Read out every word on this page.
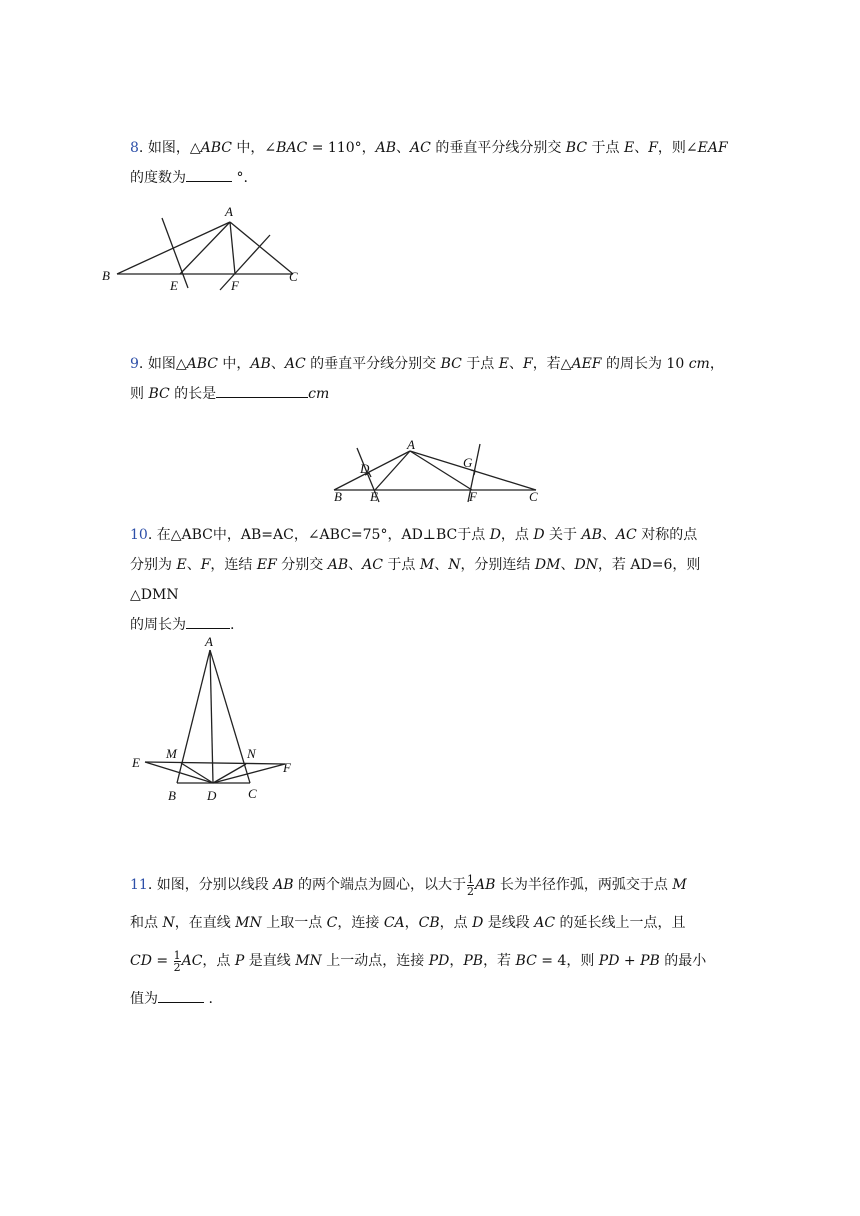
8. 如图，△ABC 中，∠BAC = 110°，AB、AC 的垂直平分线分别交 BC 于点 E、F，则∠EAF
的度数为	°.
A
B	C
E	F
9. 如图△ABC 中，AB、AC 的垂直平分线分别交 BC 于点 E、F，若△AEF 的周长为 10 cm，
则 BC 的长是	cm
A
B	C
D
E	F
G
10. 在△ABC中，AB=AC，∠ABC=75°，AD⊥BC于点 D，点 D 关于 AB、AC 对称的点
分别为 E、F，连结 EF 分别交 AB、AC 于点 M、N，分别连结 DM、DN，若 AD=6，则△DMN
的周长为	.
A
B	C
D
E	F
M	N
11. 如图，分别以线段 AB 的两个端点为圆心，以大于 $\frac{1}{2}$ AB 长为半径作弧，两弧交于点 M
和点 N，在直线 MN 上取一点 C，连接 CA，CB，点 D 是线段 AC 的延长线上一点，且
CD = $\frac{1}{2}$ AC，点 P 是直线 MN 上一动点，连接 PD，PB，若 BC = 4，则 PD + PB 的最小
值为	.
